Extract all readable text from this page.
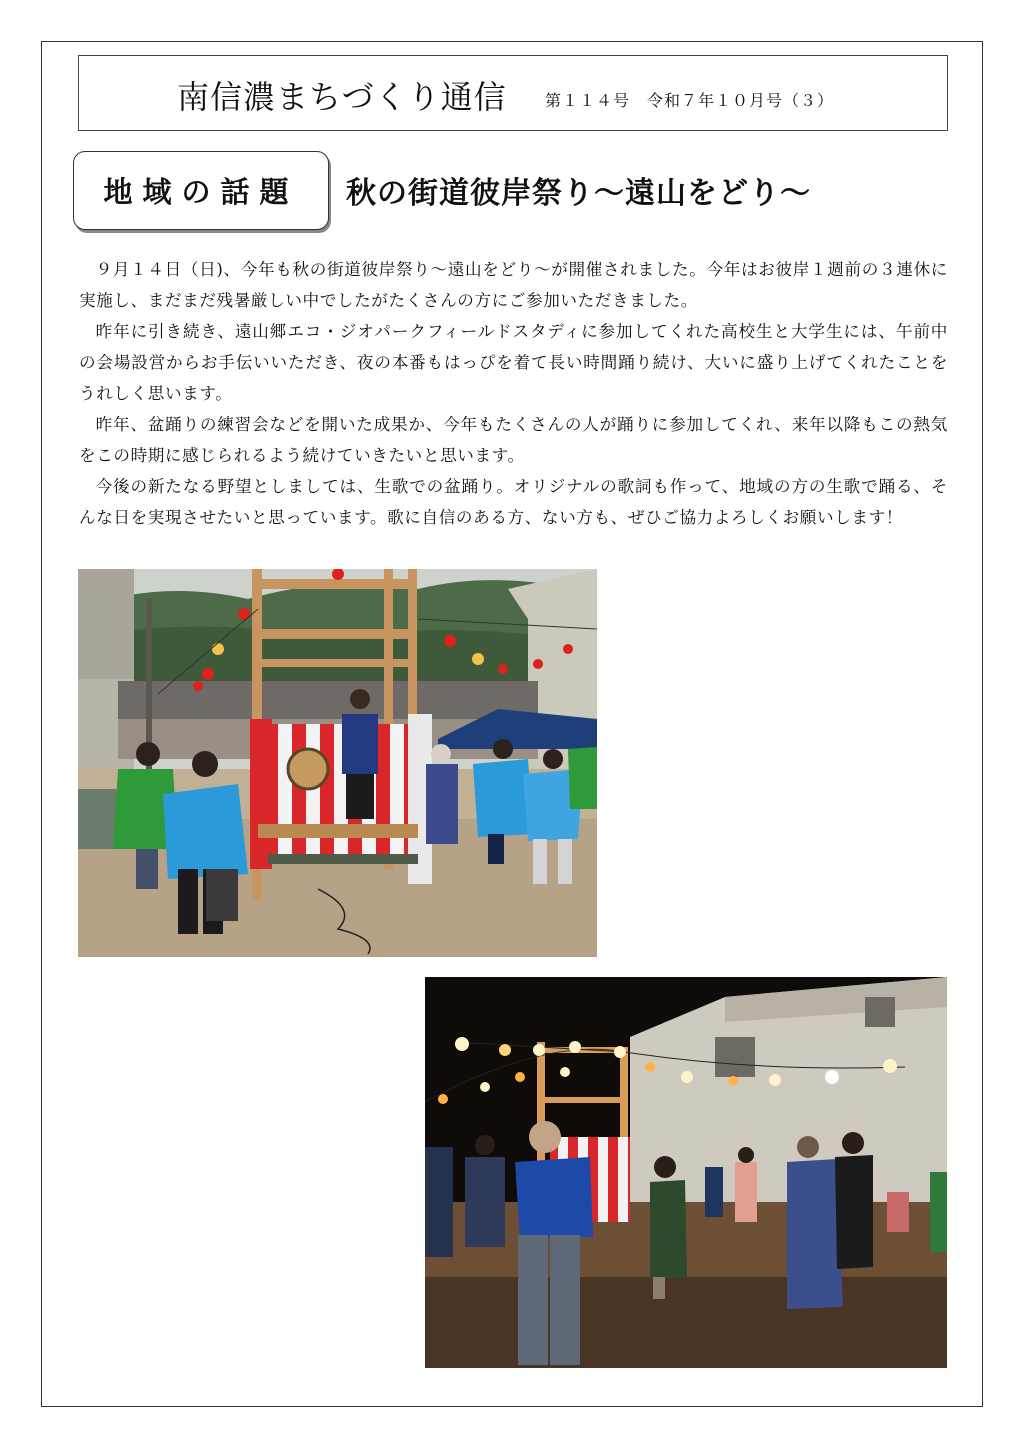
南信濃まちづくり通信 第１１４号　令和７年１０月号（３）
地域の話題	秋の街道彼岸祭り～遠山をどり～

９月１４日（日)、今年も秋の街道彼岸祭り～遠山をどり～が開催されました。今年はお彼岸１週前の３連休に実施し、まだまだ残暑厳しい中でしたがたくさんの方にご参加いただきました。

昨年に引き続き、遠山郷エコ・ジオパークフィールドスタディに参加してくれた高校生と大学生には、午前中の会場設営からお手伝いいただき、夜の本番もはっぴを着て長い時間踊り続け、大いに盛り上げてくれたことをうれしく思います。

昨年、盆踊りの練習会などを開いた成果か、今年もたくさんの人が踊りに参加してくれ、来年以降もこの熱気をこの時期に感じられるよう続けていきたいと思います。

今後の新たなる野望としましては、生歌での盆踊り。オリジナルの歌詞も作って、地域の方の生歌で踊る、そんな日を実現させたいと思っています。歌に自信のある方、ない方も、ぜひご協力よろしくお願いします！
